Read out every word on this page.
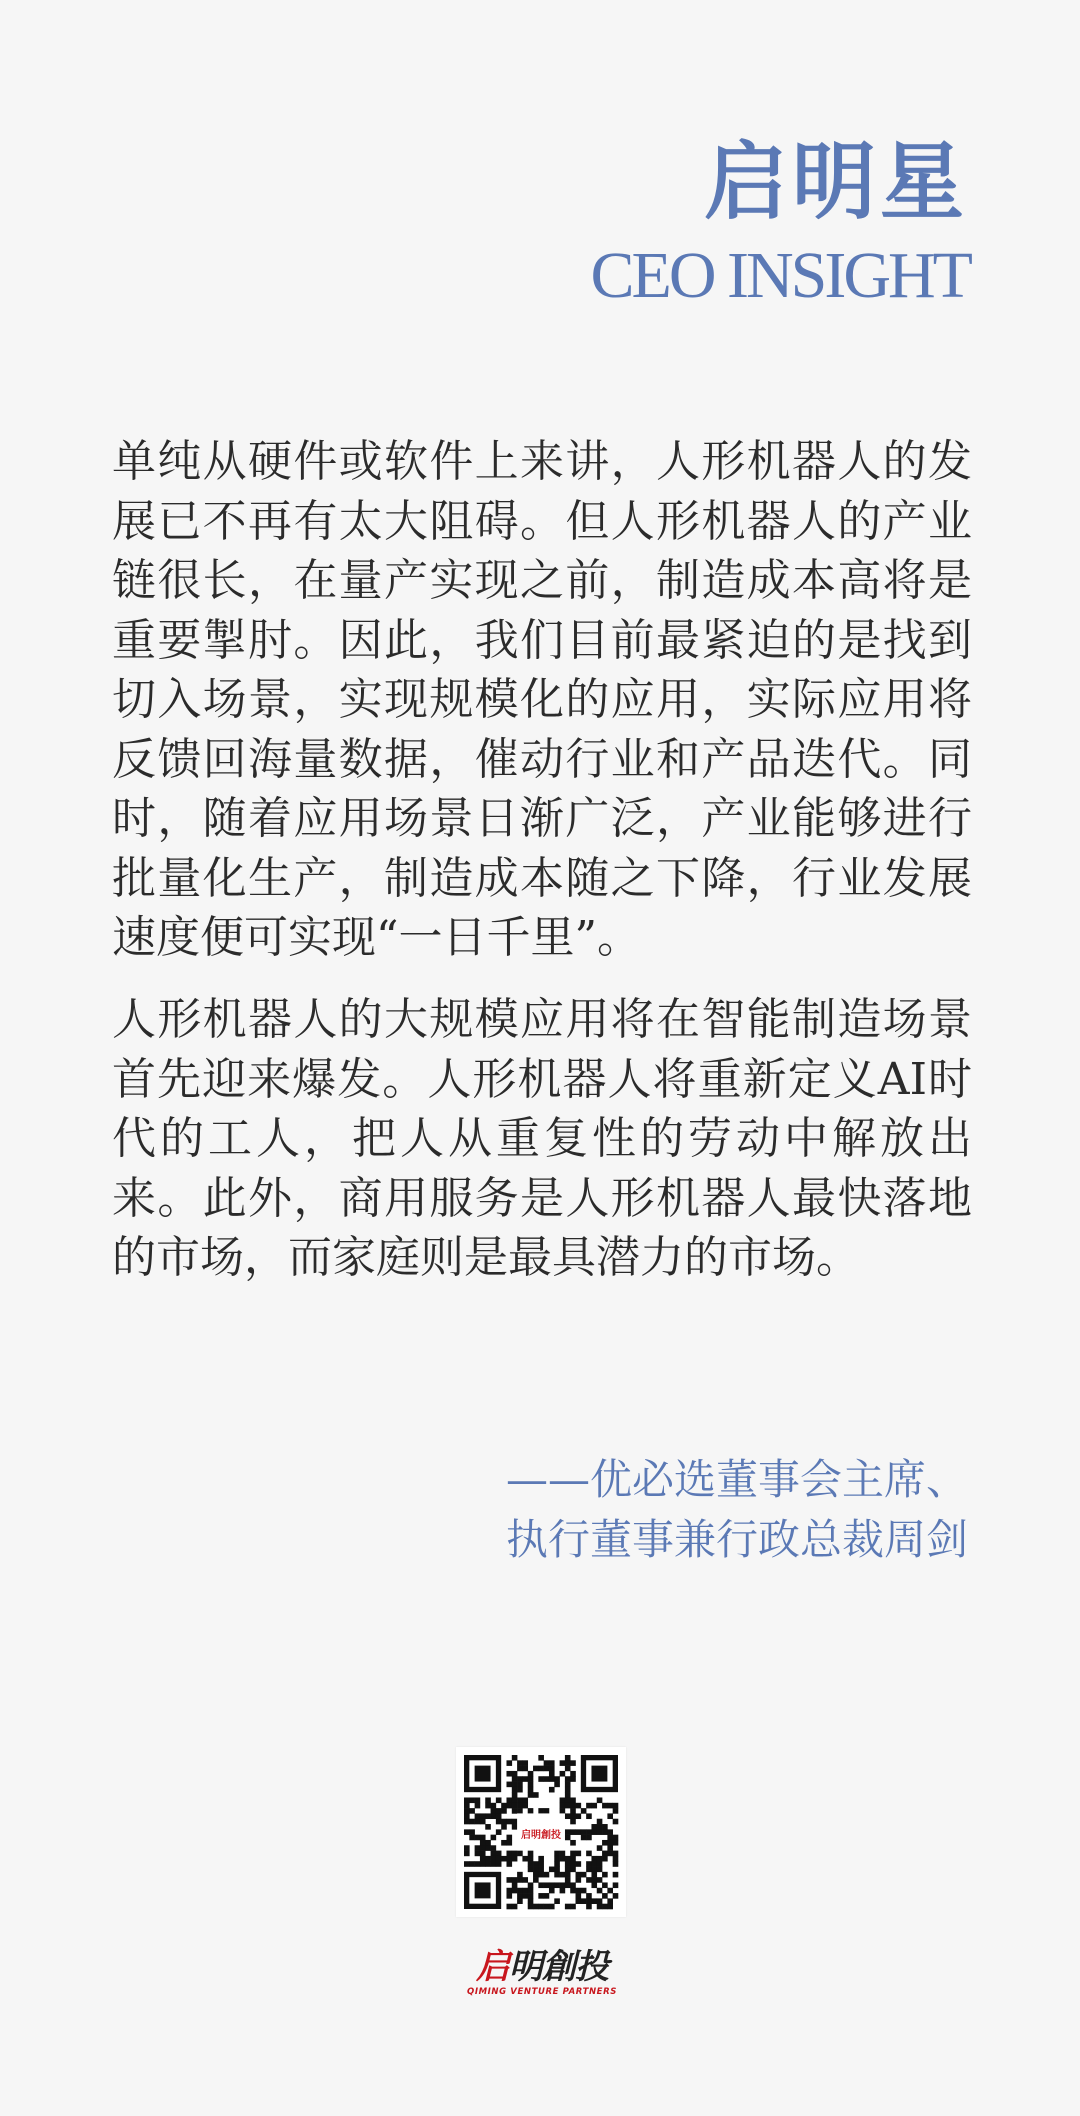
启明星
CEO INSIGHT

单纯从硬件或软件上来讲，人形机器人的发展已不再有太大阻碍。但人形机器人的产业链很长，在量产实现之前，制造成本高将是重要掣肘。因此，我们目前最紧迫的是找到切入场景，实现规模化的应用，实际应用将反馈回海量数据，催动行业和产品迭代。同时，随着应用场景日渐广泛，产业能够进行批量化生产，制造成本随之下降，行业发展速度便可实现“一日千里”。

人形机器人的大规模应用将在智能制造场景首先迎来爆发。人形机器人将重新定义AI时代的工人，把人从重复性的劳动中解放出来。此外，商用服务是人形机器人最快落地的市场，而家庭则是最具潜力的市场。

——优必选董事会主席、
执行董事兼行政总裁周剑
启明創投
启明創投
QIMING VENTURE PARTNERS
